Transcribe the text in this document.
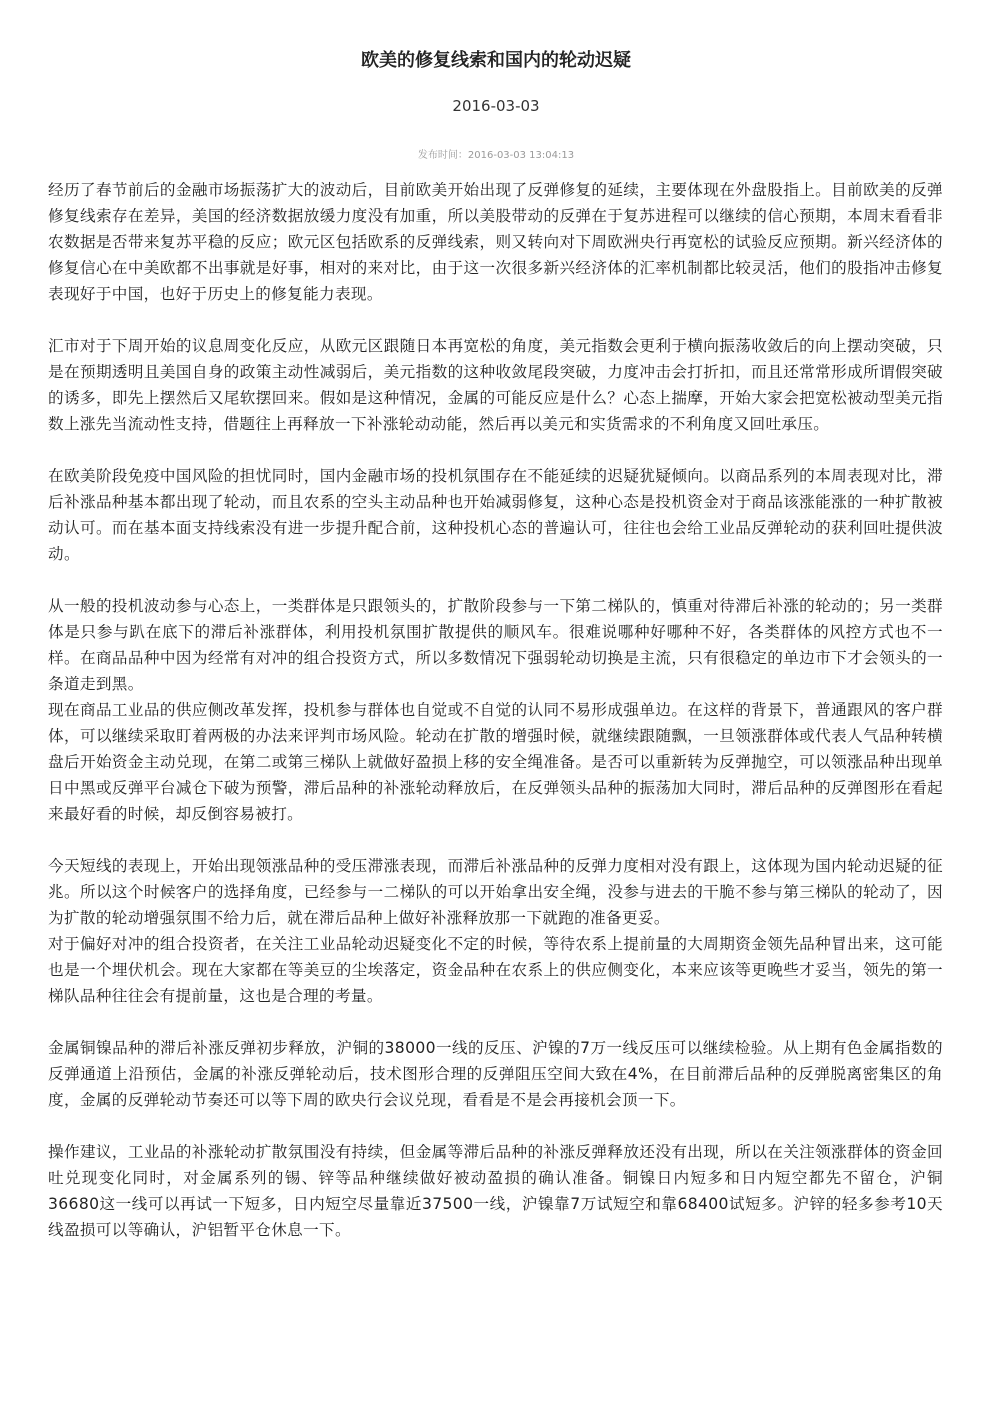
欧美的修复线索和国内的轮动迟疑
2016-03-03
发布时间：2016-03-03 13:04:13

经历了春节前后的金融市场振荡扩大的波动后，目前欧美开始出现了反弹修复的延续，主要体现在外盘股指上。目前欧美的反弹修复线索存在差异，美国的经济数据放缓力度没有加重，所以美股带动的反弹在于复苏进程可以继续的信心预期，本周末看看非农数据是否带来复苏平稳的反应；欧元区包括欧系的反弹线索，则又转向对下周欧洲央行再宽松的试验反应预期。新兴经济体的修复信心在中美欧都不出事就是好事，相对的来对比，由于这一次很多新兴经济体的汇率机制都比较灵活，他们的股指冲击修复表现好于中国，也好于历史上的修复能力表现。

汇市对于下周开始的议息周变化反应，从欧元区跟随日本再宽松的角度，美元指数会更利于横向振荡收敛后的向上摆动突破，只是在预期透明且美国自身的政策主动性减弱后，美元指数的这种收敛尾段突破，力度冲击会打折扣，而且还常常形成所谓假突破的诱多，即先上摆然后又尾软摆回来。假如是这种情况，金属的可能反应是什么？心态上揣摩，开始大家会把宽松被动型美元指数上涨先当流动性支持，借题往上再释放一下补涨轮动动能，然后再以美元和实货需求的不利角度又回吐承压。

在欧美阶段免疫中国风险的担忧同时，国内金融市场的投机氛围存在不能延续的迟疑犹疑倾向。以商品系列的本周表现对比，滞后补涨品种基本都出现了轮动，而且农系的空头主动品种也开始减弱修复，这种心态是投机资金对于商品该涨能涨的一种扩散被动认可。而在基本面支持线索没有进一步提升配合前，这种投机心态的普遍认可，往往也会给工业品反弹轮动的获利回吐提供波动。

从一般的投机波动参与心态上，一类群体是只跟领头的，扩散阶段参与一下第二梯队的，慎重对待滞后补涨的轮动的；另一类群体是只参与趴在底下的滞后补涨群体，利用投机氛围扩散提供的顺风车。很难说哪种好哪种不好，各类群体的风控方式也不一样。在商品品种中因为经常有对冲的组合投资方式，所以多数情况下强弱轮动切换是主流，只有很稳定的单边市下才会领头的一条道走到黑。

现在商品工业品的供应侧改革发挥，投机参与群体也自觉或不自觉的认同不易形成强单边。在这样的背景下，普通跟风的客户群体，可以继续采取盯着两极的办法来评判市场风险。轮动在扩散的增强时候，就继续跟随飘，一旦领涨群体或代表人气品种转横盘后开始资金主动兑现，在第二或第三梯队上就做好盈损上移的安全绳准备。是否可以重新转为反弹抛空，可以领涨品种出现单日中黑或反弹平台减仓下破为预警，滞后品种的补涨轮动释放后，在反弹领头品种的振荡加大同时，滞后品种的反弹图形在看起来最好看的时候，却反倒容易被打。

今天短线的表现上，开始出现领涨品种的受压滞涨表现，而滞后补涨品种的反弹力度相对没有跟上，这体现为国内轮动迟疑的征兆。所以这个时候客户的选择角度，已经参与一二梯队的可以开始拿出安全绳，没参与进去的干脆不参与第三梯队的轮动了，因为扩散的轮动增强氛围不给力后，就在滞后品种上做好补涨释放那一下就跑的准备更妥。

对于偏好对冲的组合投资者，在关注工业品轮动迟疑变化不定的时候，等待农系上提前量的大周期资金领先品种冒出来，这可能也是一个埋伏机会。现在大家都在等美豆的尘埃落定，资金品种在农系上的供应侧变化，本来应该等更晚些才妥当，领先的第一梯队品种往往会有提前量，这也是合理的考量。

金属铜镍品种的滞后补涨反弹初步释放，沪铜的38000一线的反压、沪镍的7万一线反压可以继续检验。从上期有色金属指数的反弹通道上沿预估，金属的补涨反弹轮动后，技术图形合理的反弹阻压空间大致在4%，在目前滞后品种的反弹脱离密集区的角度，金属的反弹轮动节奏还可以等下周的欧央行会议兑现，看看是不是会再接机会顶一下。

操作建议，工业品的补涨轮动扩散氛围没有持续，但金属等滞后品种的补涨反弹释放还没有出现，所以在关注领涨群体的资金回吐兑现变化同时，对金属系列的锡、锌等品种继续做好被动盈损的确认准备。铜镍日内短多和日内短空都先不留仓，沪铜36680这一线可以再试一下短多，日内短空尽量靠近37500一线，沪镍靠7万试短空和靠68400试短多。沪锌的轻多参考10天线盈损可以等确认，沪铝暂平仓休息一下。
